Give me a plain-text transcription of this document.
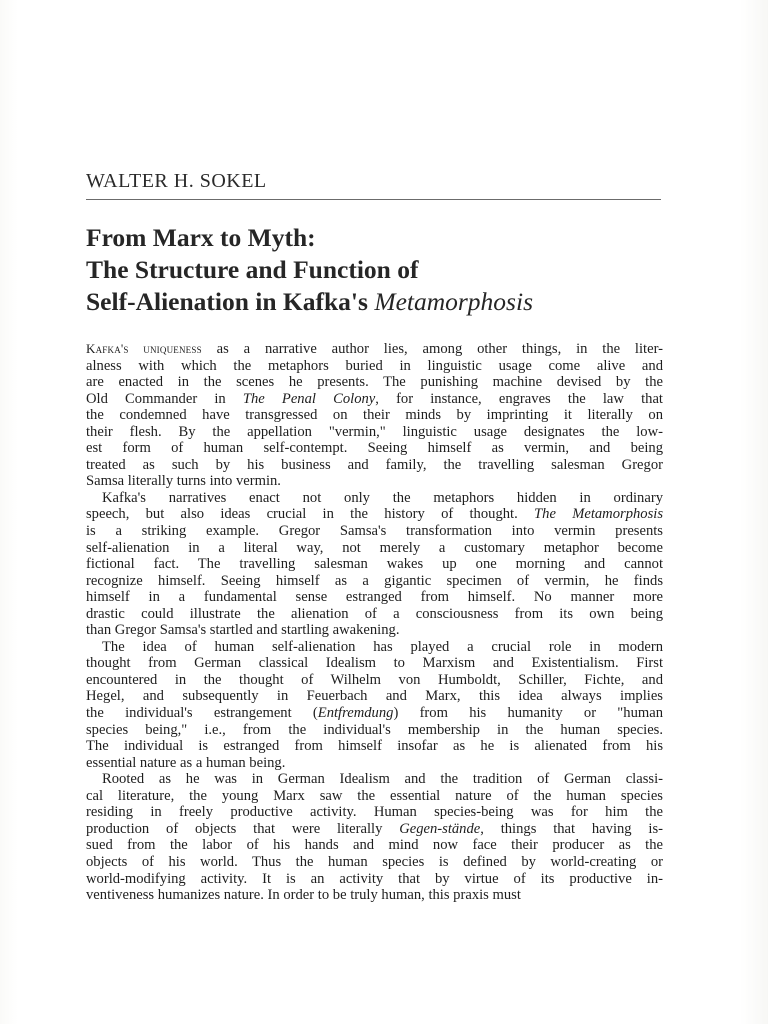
WALTER H. SOKEL
From Marx to Myth:
The Structure and Function of
Self-Alienation in Kafka's Metamorphosis

Kafka's uniqueness as a narrative author lies, among other things, in the liter-
alness with which the metaphors buried in linguistic usage come alive and
are enacted in the scenes he presents. The punishing machine devised by the
Old Commander in The Penal Colony, for instance, engraves the law that
the condemned have transgressed on their minds by imprinting it literally on
their flesh. By the appellation "vermin," linguistic usage designates the low-
est form of human self-contempt. Seeing himself as vermin, and being
treated as such by his business and family, the travelling salesman Gregor
Samsa literally turns into vermin.

Kafka's narratives enact not only the metaphors hidden in ordinary
speech, but also ideas crucial in the history of thought. The Metamorphosis
is a striking example. Gregor Samsa's transformation into vermin presents
self-alienation in a literal way, not merely a customary metaphor become
fictional fact. The travelling salesman wakes up one morning and cannot
recognize himself. Seeing himself as a gigantic specimen of vermin, he finds
himself in a fundamental sense estranged from himself. No manner more
drastic could illustrate the alienation of a consciousness from its own being
than Gregor Samsa's startled and startling awakening.

The idea of human self-alienation has played a crucial role in modern
thought from German classical Idealism to Marxism and Existentialism. First
encountered in the thought of Wilhelm von Humboldt, Schiller, Fichte, and
Hegel, and subsequently in Feuerbach and Marx, this idea always implies
the individual's estrangement (Entfremdung) from his humanity or "human
species being," i.e., from the individual's membership in the human species.
The individual is estranged from himself insofar as he is alienated from his
essential nature as a human being.

Rooted as he was in German Idealism and the tradition of German classi-
cal literature, the young Marx saw the essential nature of the human species
residing in freely productive activity. Human species-being was for him the
production of objects that were literally Gegen-stände, things that having is-
sued from the labor of his hands and mind now face their producer as the
objects of his world. Thus the human species is defined by world-creating or
world-modifying activity. It is an activity that by virtue of its productive in-
ventiveness humanizes nature. In order to be truly human, this praxis must
